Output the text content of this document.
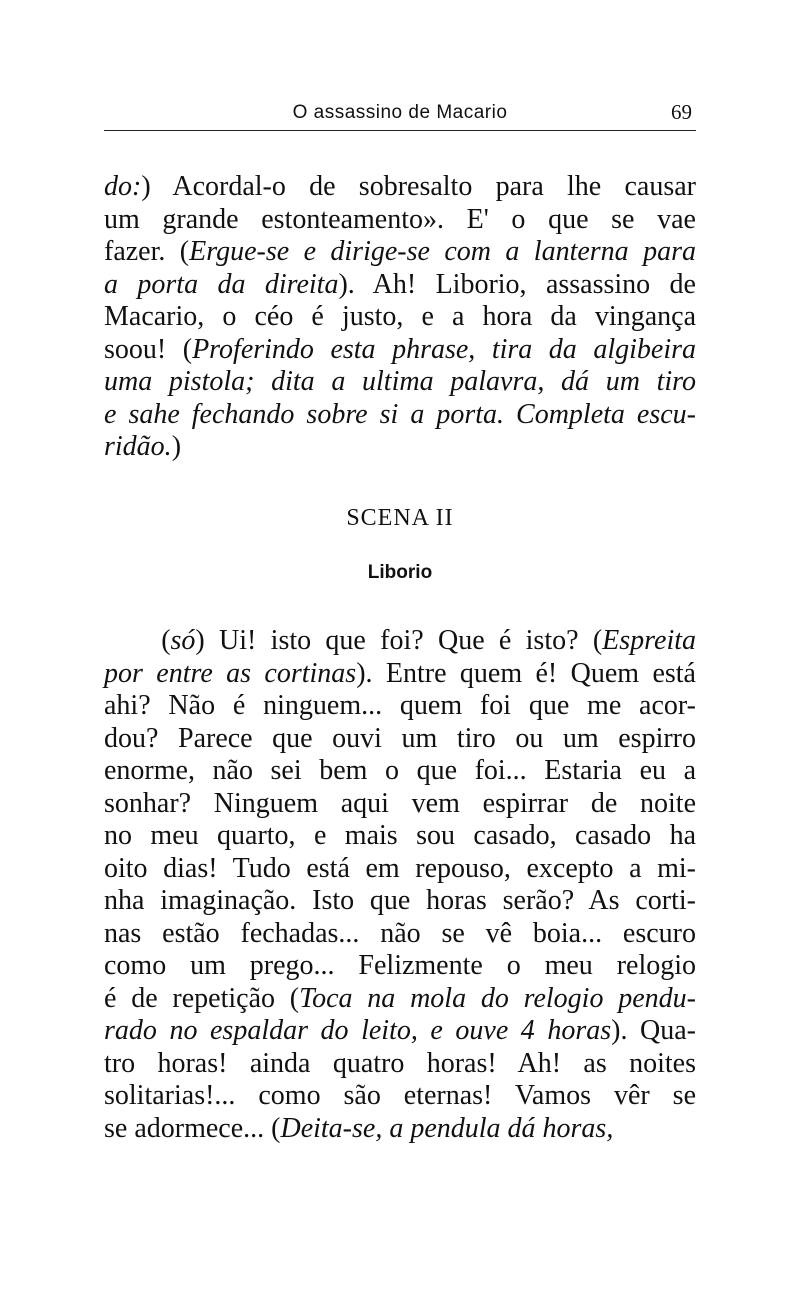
O assassino de Macario	69
do:) Acordal-o de sobresalto para lhe causar
um grande estonteamento». E' o que se vae
fazer. (Ergue-se e dirige-se com a lanterna para
a porta da direita). Ah! Liborio, assassino de
Macario, o céo é justo, e a hora da vingança
soou! (Proferindo esta phrase, tira da algibeira
uma pistola; dita a ultima palavra, dá um tiro
e sahe fechando sobre si a porta. Completa escu-
ridão.)
SCENA II
Liborio
(só) Ui! isto que foi? Que é isto? (Espreita
por entre as cortinas). Entre quem é! Quem está
ahi? Não é ninguem... quem foi que me acor-
dou? Parece que ouvi um tiro ou um espirro
enorme, não sei bem o que foi... Estaria eu a
sonhar? Ninguem aqui vem espirrar de noite
no meu quarto, e mais sou casado, casado ha
oito dias! Tudo está em repouso, excepto a mi-
nha imaginação. Isto que horas serão? As corti-
nas estão fechadas... não se vê boia... escuro
como um prego... Felizmente o meu relogio
é de repetição (Toca na mola do relogio pendu-
rado no espaldar do leito, e ouve 4 horas). Qua-
tro horas! ainda quatro horas! Ah! as noites
solitarias!... como são eternas! Vamos vêr se
se adormece... (Deita-se, a pendula dá horas,
